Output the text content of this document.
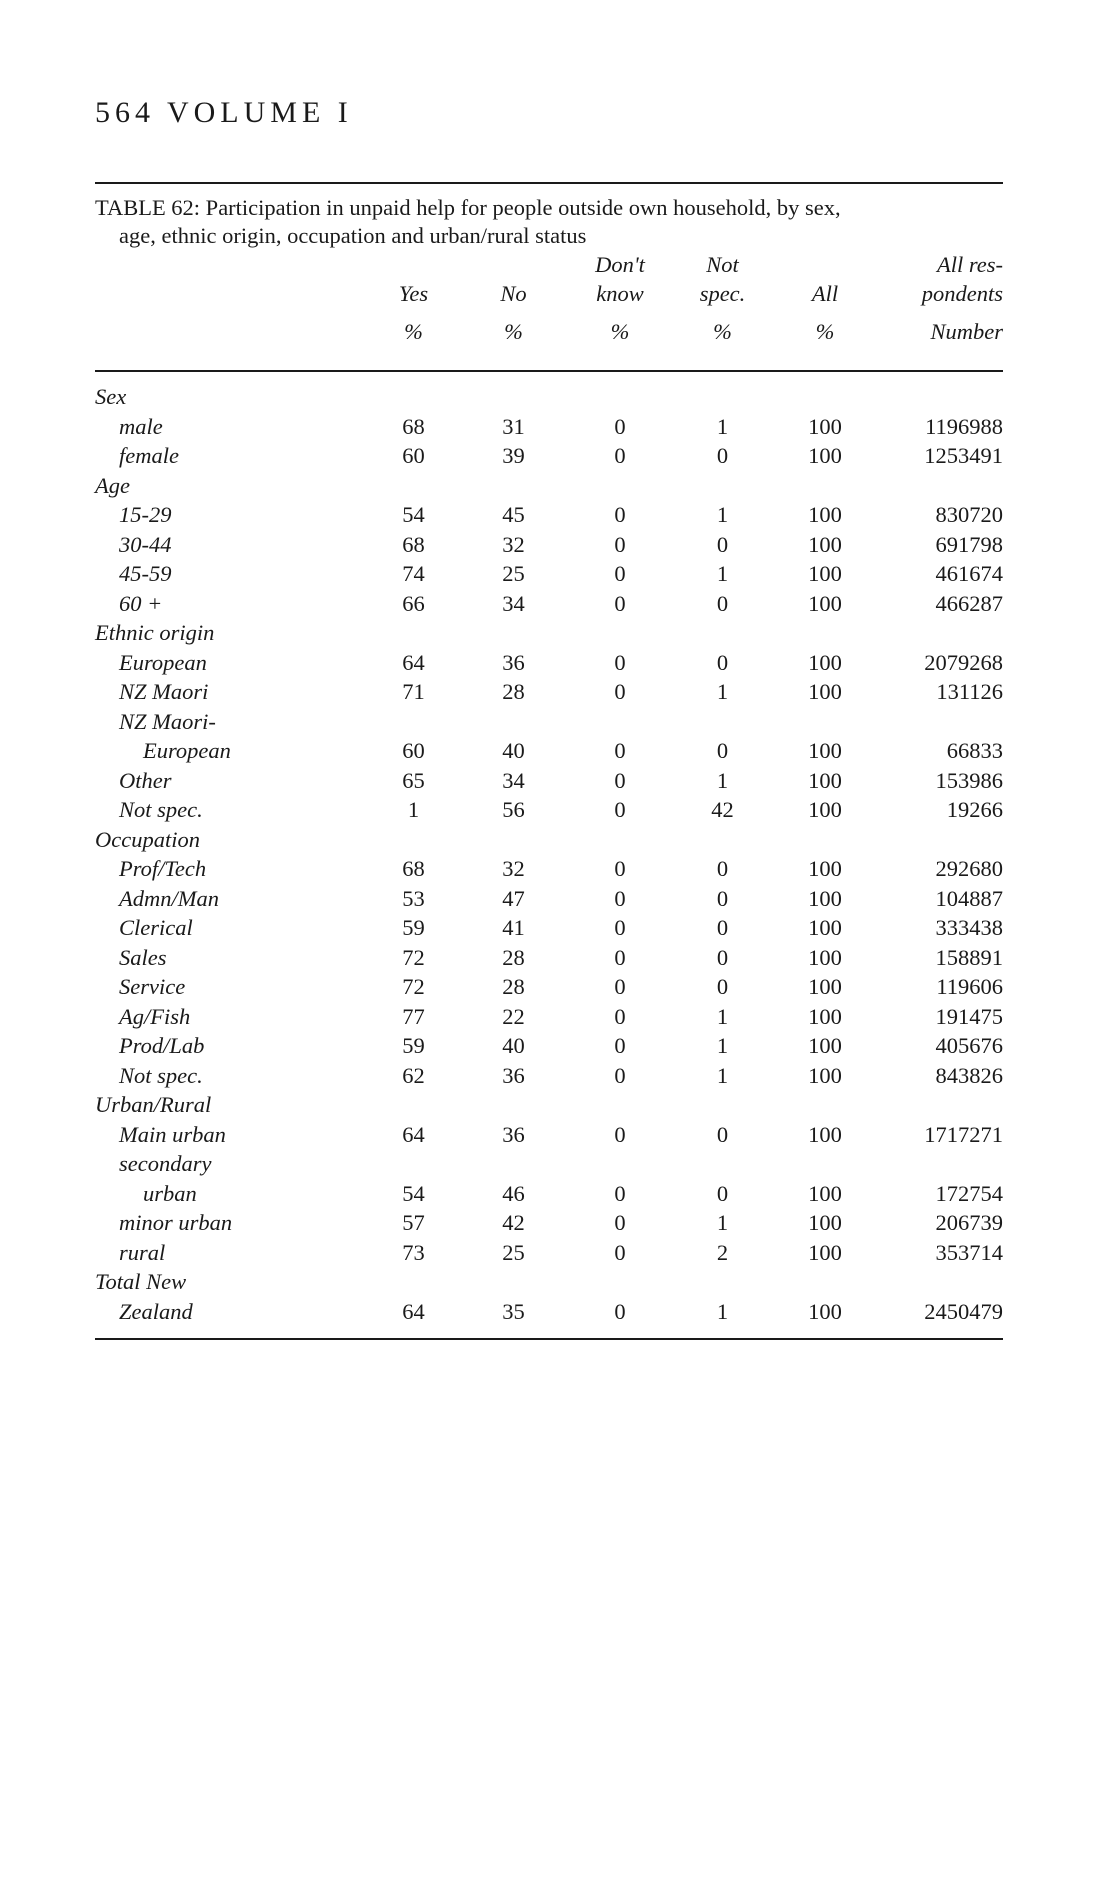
564 VOLUME I
TABLE 62: Participation in unpaid help for people outside own household, by sex,
age, ethnic origin, occupation and urban/rural status
			Don't	Not		All res-
	Yes	No	know	spec.	All	pondents
	%	%	%	%	%	Number

Sex						
male	68	31	0	1	100	1196988
female	60	39	0	0	100	1253491
Age						
15-29	54	45	0	1	100	830720
30-44	68	32	0	0	100	691798
45-59	74	25	0	1	100	461674
60 +	66	34	0	0	100	466287
Ethnic origin						
European	64	36	0	0	100	2079268
NZ Maori	71	28	0	1	100	131126
NZ Maori-						
European	60	40	0	0	100	66833
Other	65	34	0	1	100	153986
Not spec.	1	56	0	42	100	19266
Occupation						
Prof/Tech	68	32	0	0	100	292680
Admn/Man	53	47	0	0	100	104887
Clerical	59	41	0	0	100	333438
Sales	72	28	0	0	100	158891
Service	72	28	0	0	100	119606
Ag/Fish	77	22	0	1	100	191475
Prod/Lab	59	40	0	1	100	405676
Not spec.	62	36	0	1	100	843826
Urban/Rural						
Main urban	64	36	0	0	100	1717271
secondary						
urban	54	46	0	0	100	172754
minor urban	57	42	0	1	100	206739
rural	73	25	0	2	100	353714
Total New						
Zealand	64	35	0	1	100	2450479
